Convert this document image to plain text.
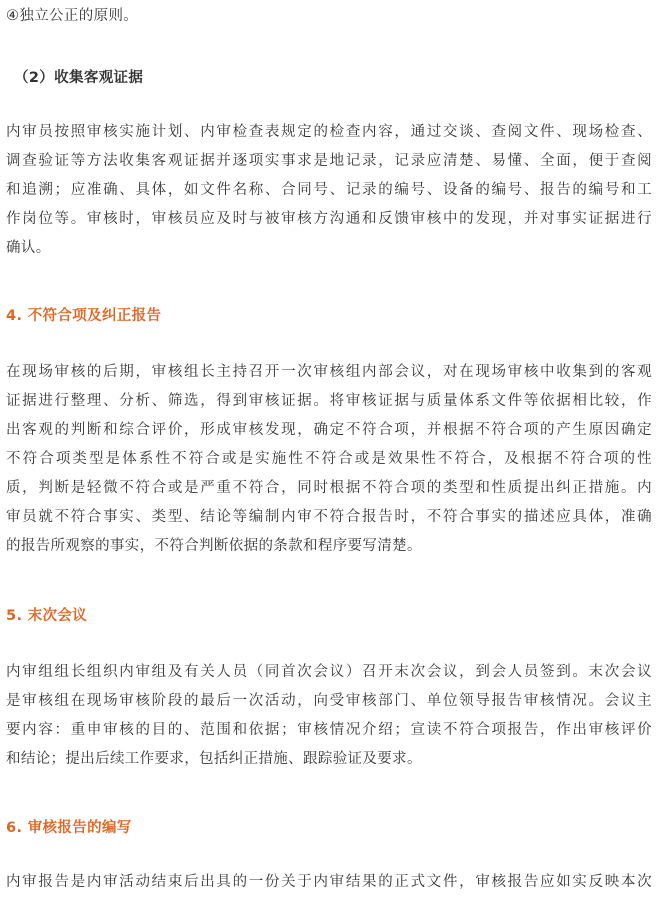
④独立公正的原则。
（2）收集客观证据
内审员按照审核实施计划、内审检查表规定的检查内容，通过交谈、查阅文件、现场检查、
调查验证等方法收集客观证据并逐项实事求是地记录，记录应清楚、易懂、全面，便于查阅
和追溯；应准确、具体，如文件名称、合同号、记录的编号、设备的编号、报告的编号和工
作岗位等。审核时，审核员应及时与被审核方沟通和反馈审核中的发现，并对事实证据进行
确认。
4. 不符合项及纠正报告
在现场审核的后期，审核组长主持召开一次审核组内部会议，对在现场审核中收集到的客观
证据进行整理、分析、筛选，得到审核证据。将审核证据与质量体系文件等依据相比较，作
出客观的判断和综合评价，形成审核发现，确定不符合项，并根据不符合项的产生原因确定
不符合项类型是体系性不符合或是实施性不符合或是效果性不符合，及根据不符合项的性
质，判断是轻微不符合或是严重不符合，同时根据不符合项的类型和性质提出纠正措施。内
审员就不符合事实、类型、结论等编制内审不符合报告时，不符合事实的描述应具体，准确
的报告所观察的事实，不符合判断依据的条款和程序要写清楚。
5. 末次会议
内审组组长组织内审组及有关人员（同首次会议）召开末次会议，到会人员签到。末次会议
是审核组在现场审核阶段的最后一次活动，向受审核部门、单位领导报告审核情况。会议主
要内容：重申审核的目的、范围和依据；审核情况介绍；宣读不符合项报告，作出审核评价
和结论；提出后续工作要求，包括纠正措施、跟踪验证及要求。
6. 审核报告的编写
内审报告是内审活动结束后出具的一份关于内审结果的正式文件，审核报告应如实反映本次
